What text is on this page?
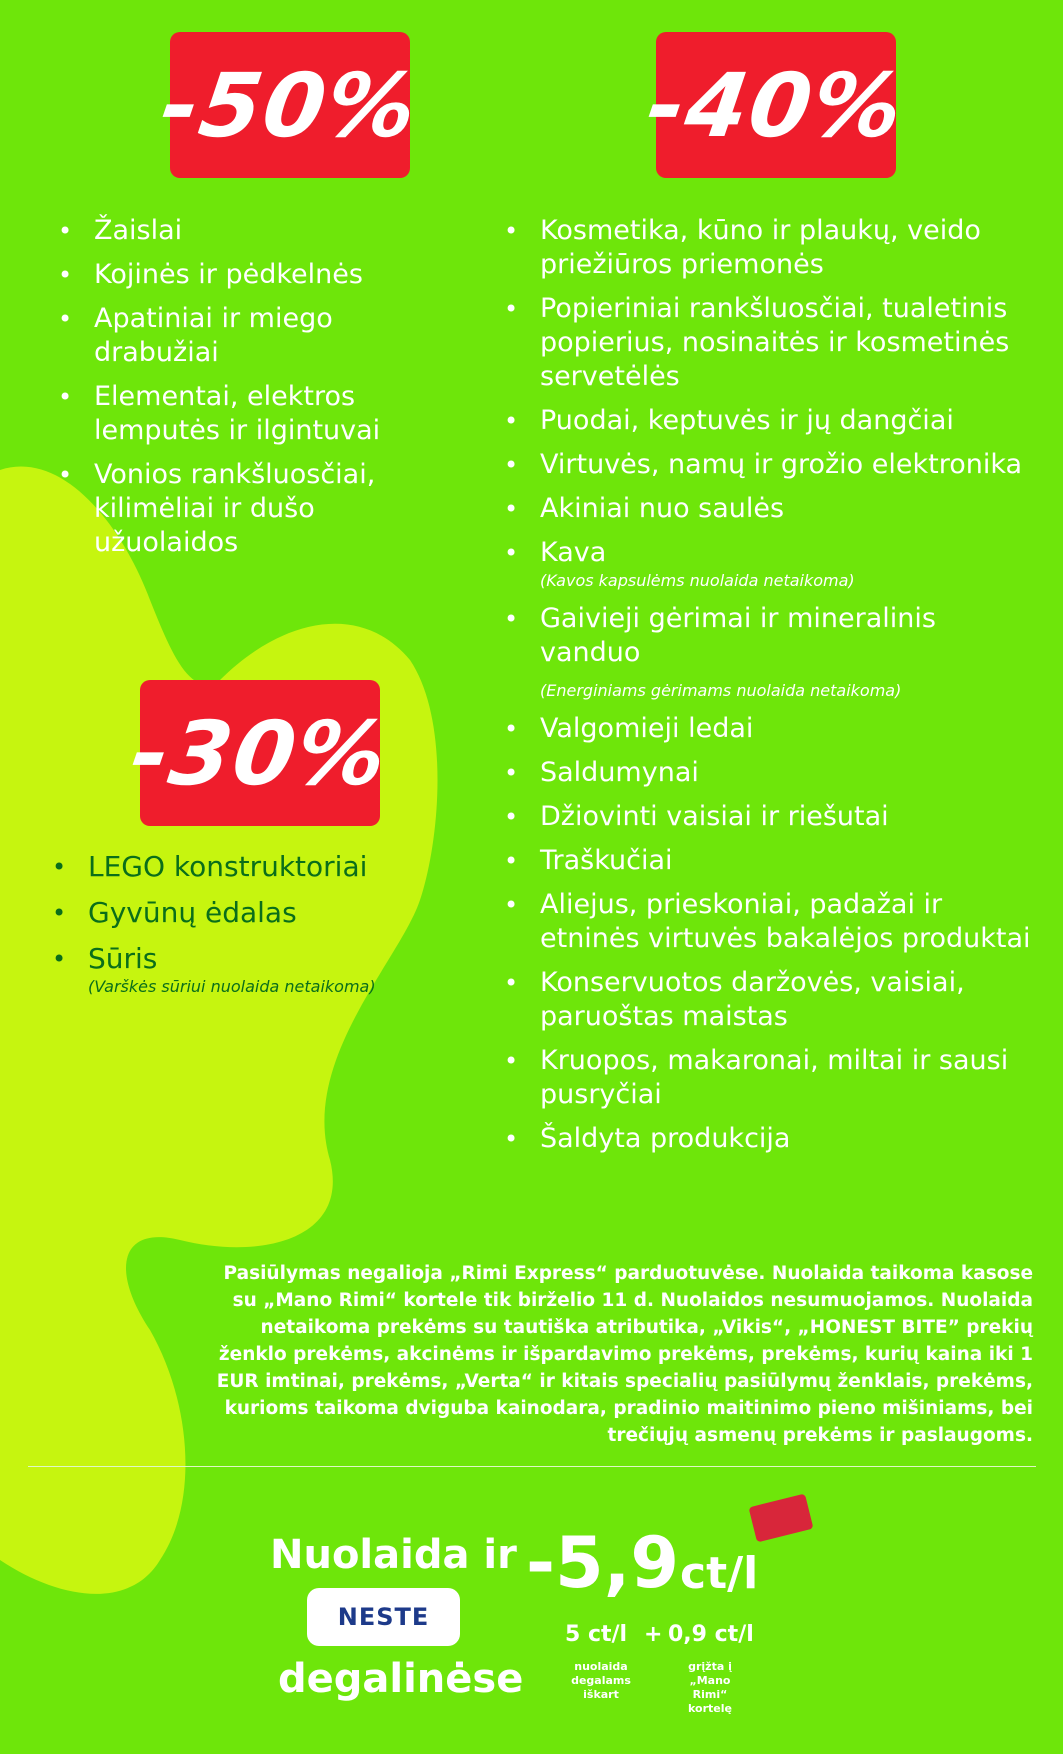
-50% -40%
-30%
• Žaislai
• Kojinės ir pėdkelnės
• Apatiniai ir miego drabužiai
• Elementai, elektros lemputės ir ilgintuvai
• Vonios rankšluosčiai, kilimėliai ir dušo užuolaidos
• LEGO konstruktoriai
• Gyvūnų ėdalas
• Sūris
(Varškės sūriui nuolaida netaikoma)
• Kosmetika, kūno ir plaukų, veido priežiūros priemonės
• Popieriniai rankšluosčiai, tualetinis popierius, nosinaitės ir kosmetinės servetėlės
• Puodai, keptuvės ir jų dangčiai
• Virtuvės, namų ir grožio elektronika
• Akiniai nuo saulės
• Kava
(Kavos kapsulėms nuolaida netaikoma)
• Gaivieji gėrimai ir mineralinis vanduo
(Energiniams gėrimams nuolaida netaikoma)
• Valgomieji ledai
• Saldumynai
• Džiovinti vaisiai ir riešutai
• Traškučiai
• Aliejus, prieskoniai, padažai ir etninės virtuvės bakalėjos produktai
• Konservuotos daržovės, vaisiai, paruoštas maistas
• Kruopos, makaronai, miltai ir sausi pusryčiai
• Šaldyta produkcija
Pasiūlymas negalioja „Rimi Express“ parduotuvėse. Nuolaida taikoma kasose su „Mano Rimi“ kortele tik birželio 11 d. Nuolaidos nesumuojamos. Nuolaida netaikoma prekėms su tautiška atributika, „Vikis“, „HONEST BITE” prekių ženklo prekėms, akcinėms ir išpardavimo prekėms, prekėms, kurių kaina iki 1 EUR imtinai, prekėms, „Verta“ ir kitais specialių pasiūlymų ženklais, prekėms, kurioms taikoma dviguba kainodara, pradinio maitinimo pieno mišiniams, bei trečiųjų asmenų prekėms ir paslaugoms.
Nuolaida ir
NESTE
degalinėse
-5,9 ct/l
5 ct/l + 0,9 ct/l
nuolaida degalams iškart
grįžta į „Mano Rimi“ kortelę
